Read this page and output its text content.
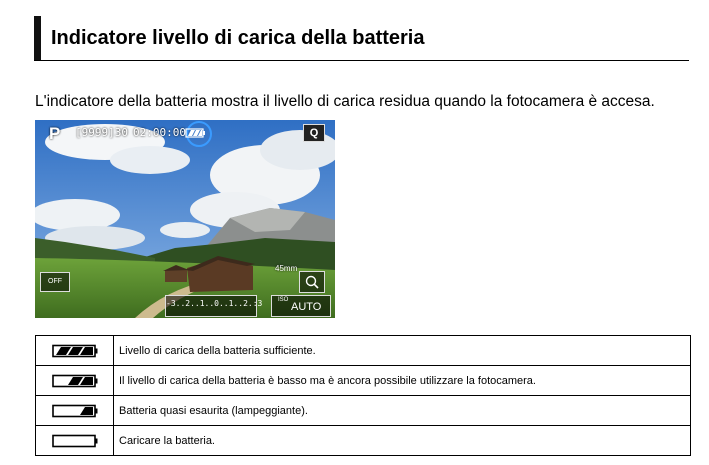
Indicatore livello di carica della batteria
L'indicatore della batteria mostra il livello di carica residua quando la fotocamera è accesa.
P [9999]30 02:00:00	Q
OFF
45mm
-3..2..1..0..1..2.:3	ISO
AUTO
	Livello di carica della batteria sufficiente.

	Il livello di carica della batteria è basso ma è ancora possibile utilizzare la fotocamera.

	Batteria quasi esaurita (lampeggiante).

	Caricare la batteria.
